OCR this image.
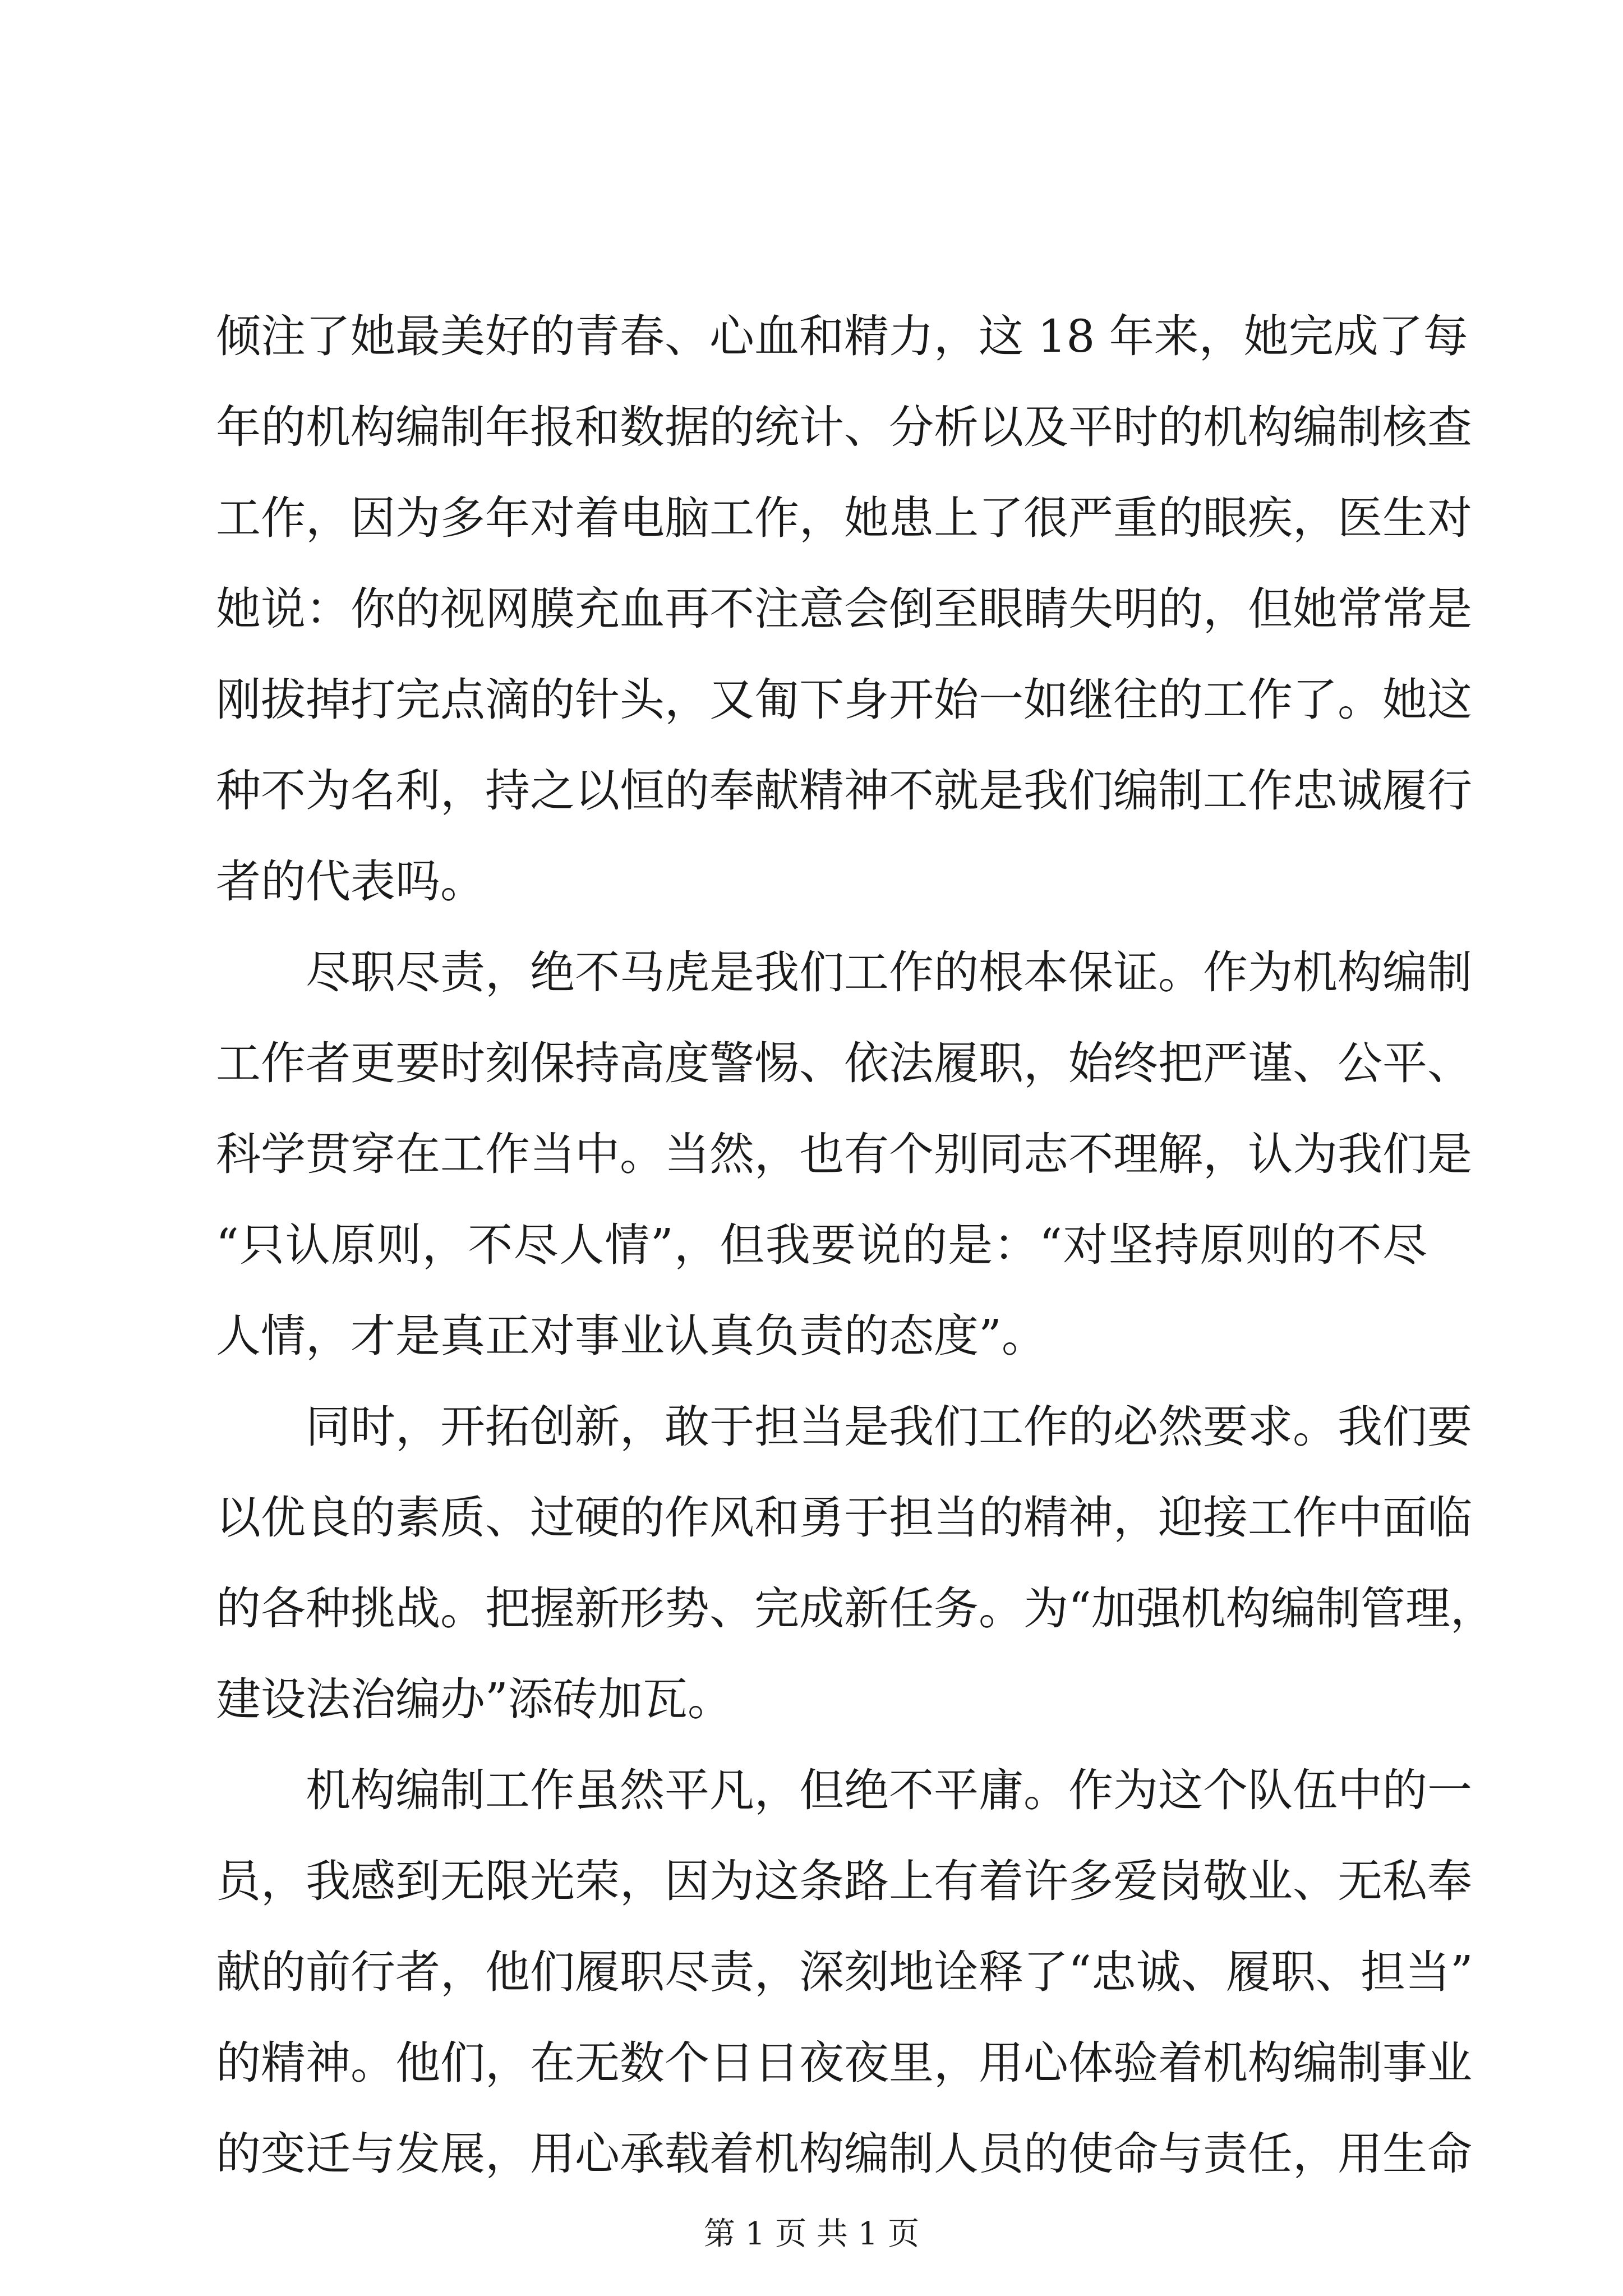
倾注了她最美好的青春、心血和精力，这 18 年来，她完成了每
年的机构编制年报和数据的统计、分析以及平时的机构编制核查
工作，因为多年对着电脑工作，她患上了很严重的眼疾，医生对
她说：你的视网膜充血再不注意会倒至眼睛失明的，但她常常是
刚拔掉打完点滴的针头，又匍下身开始一如继往的工作了。她这
种不为名利，持之以恒的奉献精神不就是我们编制工作忠诚履行
者的代表吗。
尽职尽责，绝不马虎是我们工作的根本保证。作为机构编制
工作者更要时刻保持高度警惕、依法履职，始终把严谨、公平、
科学贯穿在工作当中。当然，也有个别同志不理解，认为我们是
“只认原则，不尽人情”，但我要说的是：“对坚持原则的不尽
人情，才是真正对事业认真负责的态度”。
同时，开拓创新，敢于担当是我们工作的必然要求。我们要
以优良的素质、过硬的作风和勇于担当的精神，迎接工作中面临
的各种挑战。把握新形势、完成新任务。为“加强机构编制管理，
建设法治编办”添砖加瓦。
机构编制工作虽然平凡，但绝不平庸。作为这个队伍中的一
员，我感到无限光荣，因为这条路上有着许多爱岗敬业、无私奉
献的前行者，他们履职尽责，深刻地诠释了“忠诚、履职、担当”
的精神。他们，在无数个日日夜夜里，用心体验着机构编制事业
的变迁与发展，用心承载着机构编制人员的使命与责任，用生命
第 1 页 共 1 页
